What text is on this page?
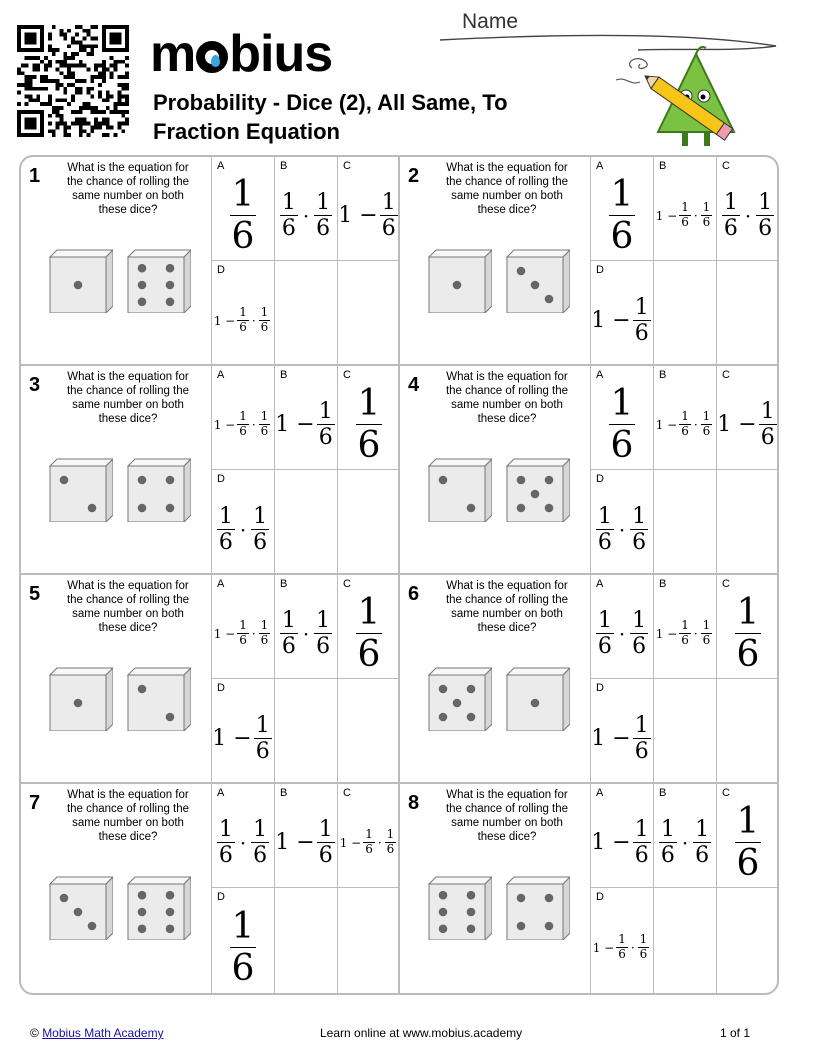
m bius
Probability - Dice (2), All Same, To Fraction Equation
Name
1	What is the equation for the chance of rolling the same number on both these dice?
A
$\frac{1}{6}$
B
$\frac{1}{6} \cdot \frac{1}{6}$
C
$1 - \frac{1}{6}$
D
$1 - \frac{1}{6} \cdot \frac{1}{6}$
2	What is the equation for the chance of rolling the same number on both these dice?
A
$\frac{1}{6}$
B
$1 - \frac{1}{6} \cdot \frac{1}{6}$
C
$\frac{1}{6} \cdot \frac{1}{6}$
D
$1 - \frac{1}{6}$
3	What is the equation for the chance of rolling the same number on both these dice?
A
$1 - \frac{1}{6} \cdot \frac{1}{6}$
B
$1 - \frac{1}{6}$
C
$\frac{1}{6}$
D
$\frac{1}{6} \cdot \frac{1}{6}$
4	What is the equation for the chance of rolling the same number on both these dice?
A
$\frac{1}{6}$
B
$1 - \frac{1}{6} \cdot \frac{1}{6}$
C
$1 - \frac{1}{6}$
D
$\frac{1}{6} \cdot \frac{1}{6}$
5	What is the equation for the chance of rolling the same number on both these dice?
A
$1 - \frac{1}{6} \cdot \frac{1}{6}$
B
$\frac{1}{6} \cdot \frac{1}{6}$
C
$\frac{1}{6}$
D
$1 - \frac{1}{6}$
6	What is the equation for the chance of rolling the same number on both these dice?
A
$\frac{1}{6} \cdot \frac{1}{6}$
B
$1 - \frac{1}{6} \cdot \frac{1}{6}$
C
$\frac{1}{6}$
D
$1 - \frac{1}{6}$
7	What is the equation for the chance of rolling the same number on both these dice?
A
$\frac{1}{6} \cdot \frac{1}{6}$
B
$1 - \frac{1}{6}$
C
$1 - \frac{1}{6} \cdot \frac{1}{6}$
D
$\frac{1}{6}$
8	What is the equation for the chance of rolling the same number on both these dice?
A
$1 - \frac{1}{6}$
B
$\frac{1}{6} \cdot \frac{1}{6}$
C
$\frac{1}{6}$
D
$1 - \frac{1}{6} \cdot \frac{1}{6}$
© Mobius Math Academy	Learn online at www.mobius.academy	1 of 1
